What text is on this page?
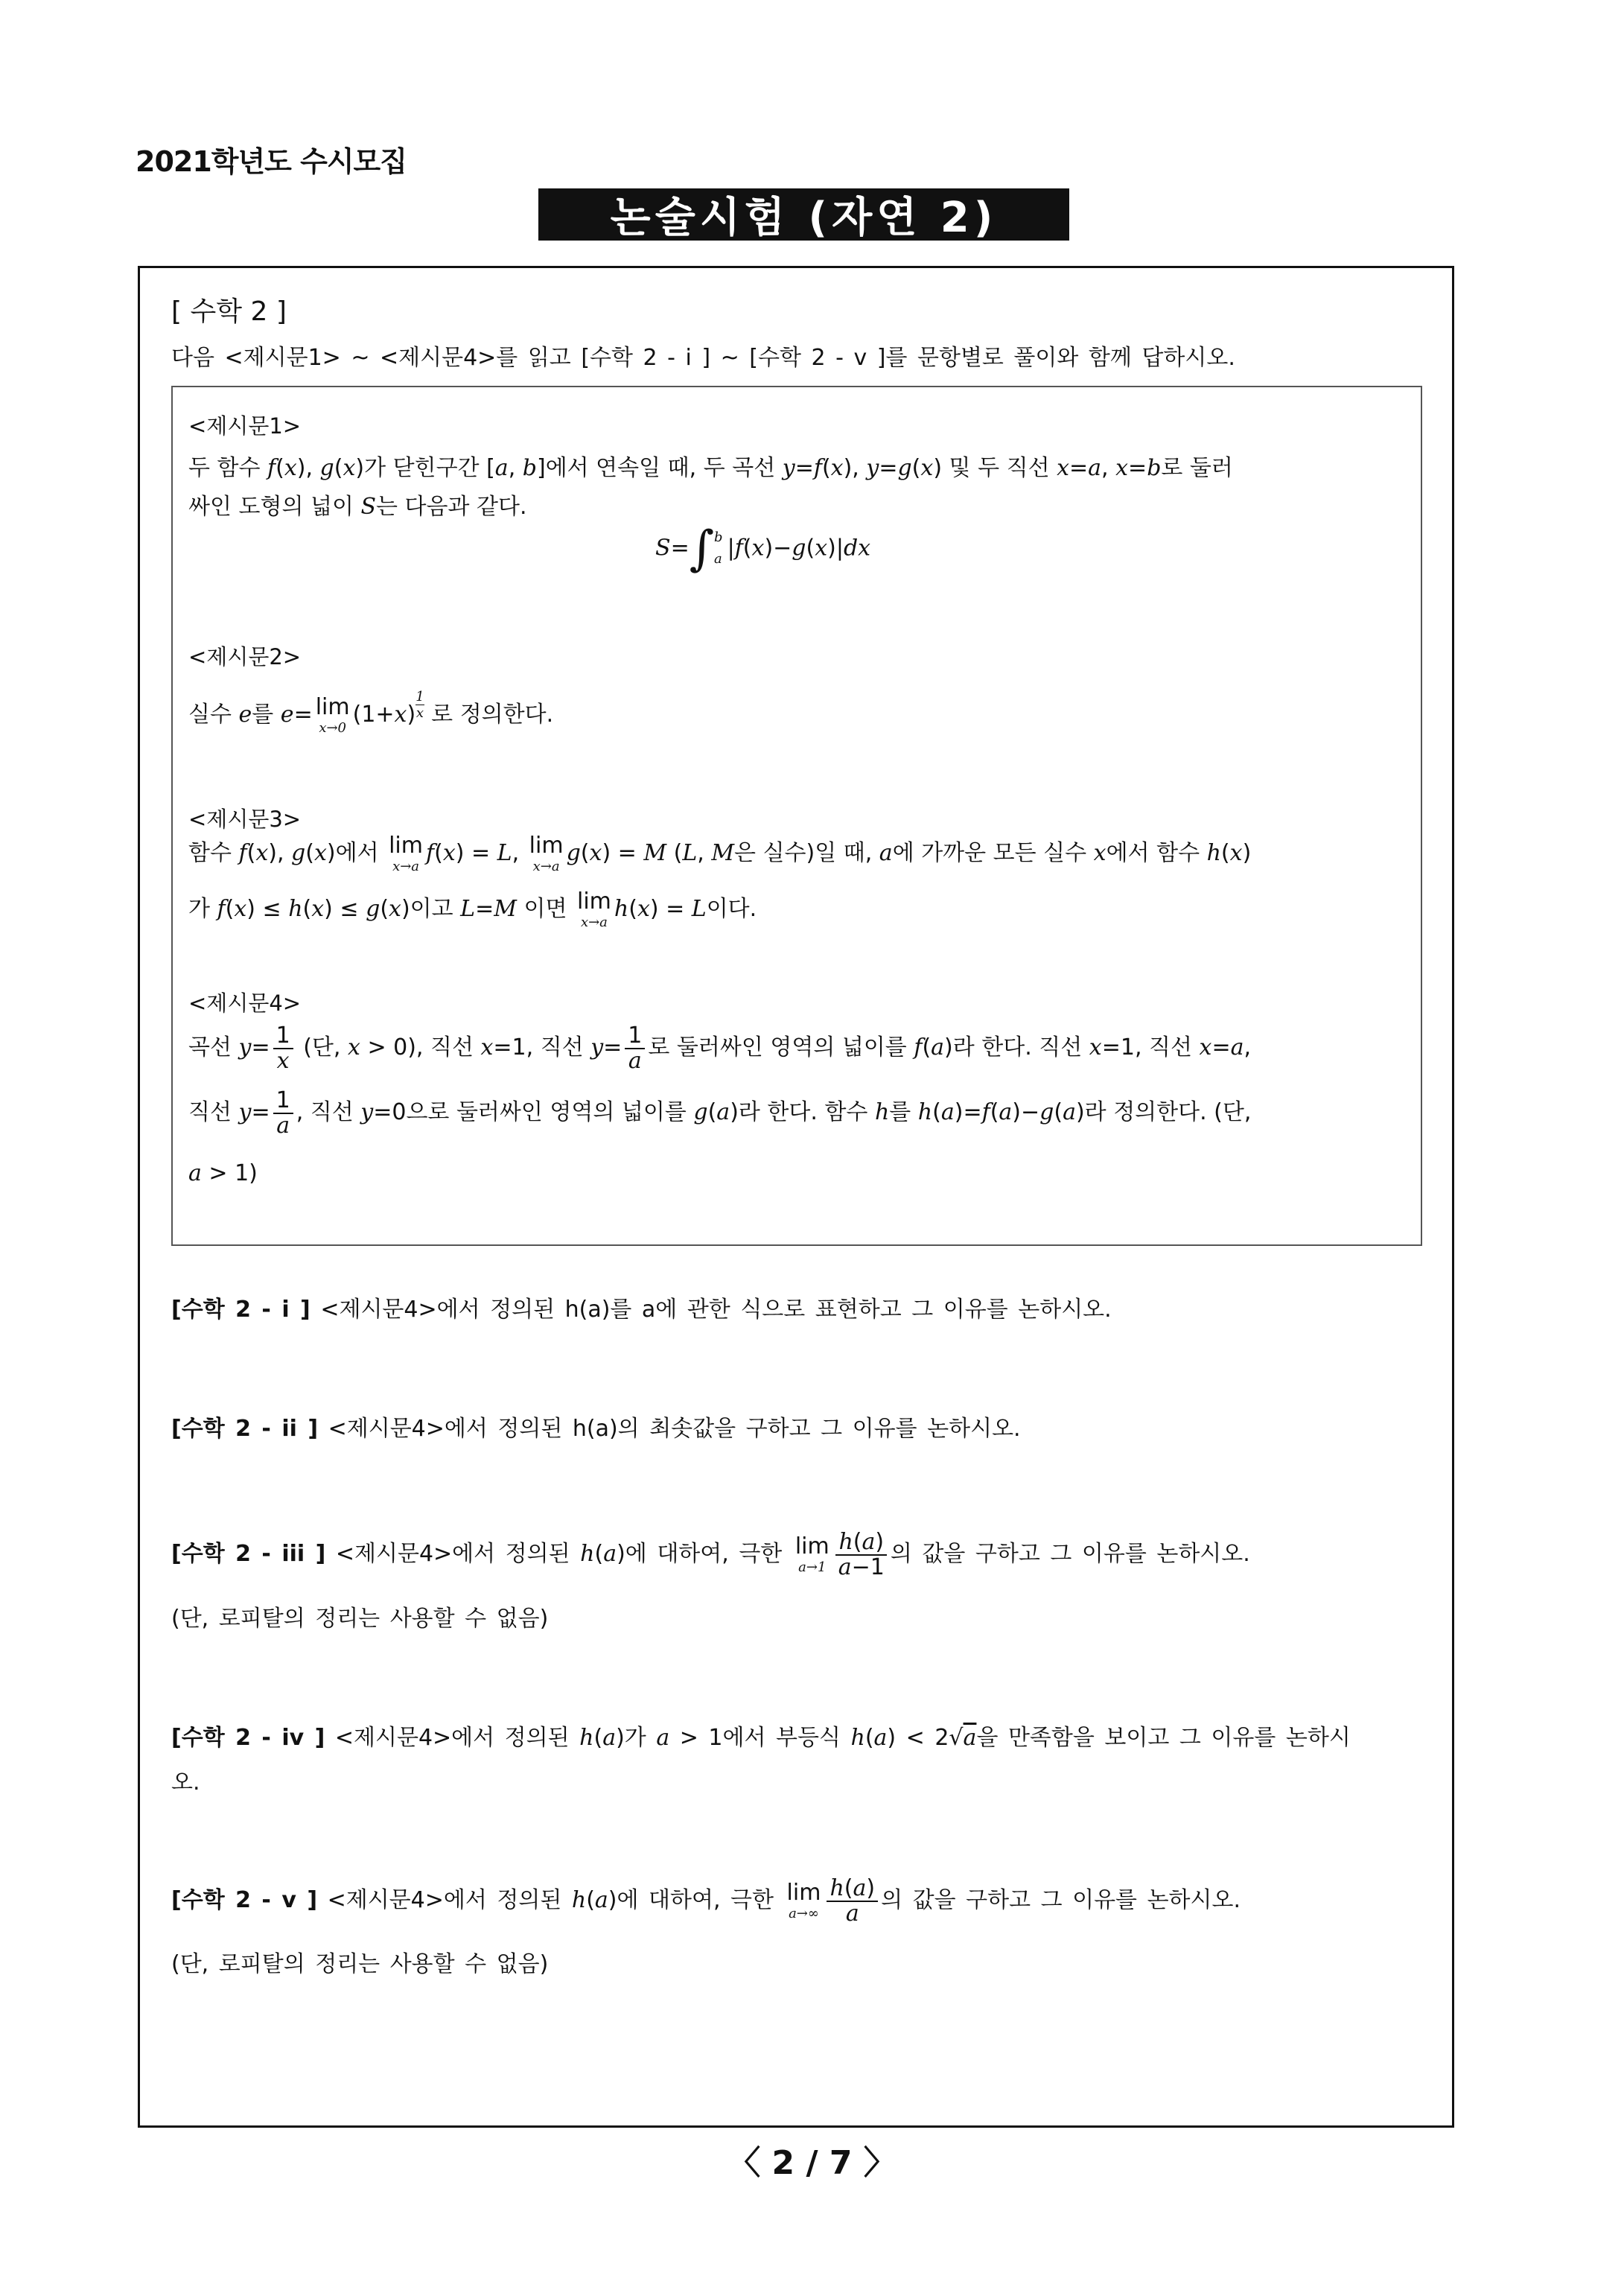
2021학년도 수시모집
논술시험 (자연 2)
[ 수학 2 ]
다음 <제시문1> ~ <제시문4>를 읽고 [수학 2 - i ] ~ [수학 2 - v ]를 문항별로 풀이와 함께 답하시오.
<제시문1>
두 함수 f(x), g(x)가 닫힌구간 [a, b]에서 연속일 때, 두 곡선 y=f(x), y=g(x) 및 두 직선 x=a, x=b로 둘러
싸인 도형의 넓이 S는 다음과 같다.
S=∫ b
a |f(x)−g(x)|dx
<제시문2>
실수 e를 e= lim
x→0 (1+x) $^{\frac{1}{x}}$ 로 정의한다.
<제시문3>
함수 f(x), g(x)에서 lim
x→a f(x) = L, lim
x→a g(x) = M (L, M은 실수)일 때, a에 가까운 모든 실수 x에서 함수 h(x)
가 f(x) ≤ h(x) ≤ g(x)이고 L=M 이면 lim
x→a h(x) = L이다.
<제시문4>
곡선 $y= \frac{1}{x}$ (단, x > 0), 직선 x=1, 직선 $y= \frac{1}{a}$ 로 둘러싸인 영역의 넓이를 f(a)라 한다. 직선 x=1, 직선 x=a,
직선 $y= \frac{1}{a}$ , 직선 y=0으로 둘러싸인 영역의 넓이를 g(a)라 한다. 함수 h를 h(a)=f(a)−g(a)라 정의한다. (단,
a > 1)
[수학 2 - i ] <제시문4>에서 정의된 h(a)를 a에 관한 식으로 표현하고 그 이유를 논하시오.
[수학 2 - ii ] <제시문4>에서 정의된 h(a)의 최솟값을 구하고 그 이유를 논하시오.
[수학 2 - iii ] <제시문4>에서 정의된 h(a)에 대하여, 극한 lim
$a\to 1 \frac{h(a)}{a-1}$ 의 값을 구하고 그 이유를 논하시오.
(단, 로피탈의 정리는 사용할 수 없음)
[수학 2 - iv ] <제시문4>에서 정의된 h(a)가 a > 1에서 부등식 h(a) < 2√a을 만족함을 보이고 그 이유를 논하시
오.
[수학 2 - v ] <제시문4>에서 정의된 h(a)에 대하여, 극한 lim
$a\to\infty \frac{h(a)}{a}$ 의 값을 구하고 그 이유를 논하시오.
(단, 로피탈의 정리는 사용할 수 없음)
〈 2 / 7 〉
